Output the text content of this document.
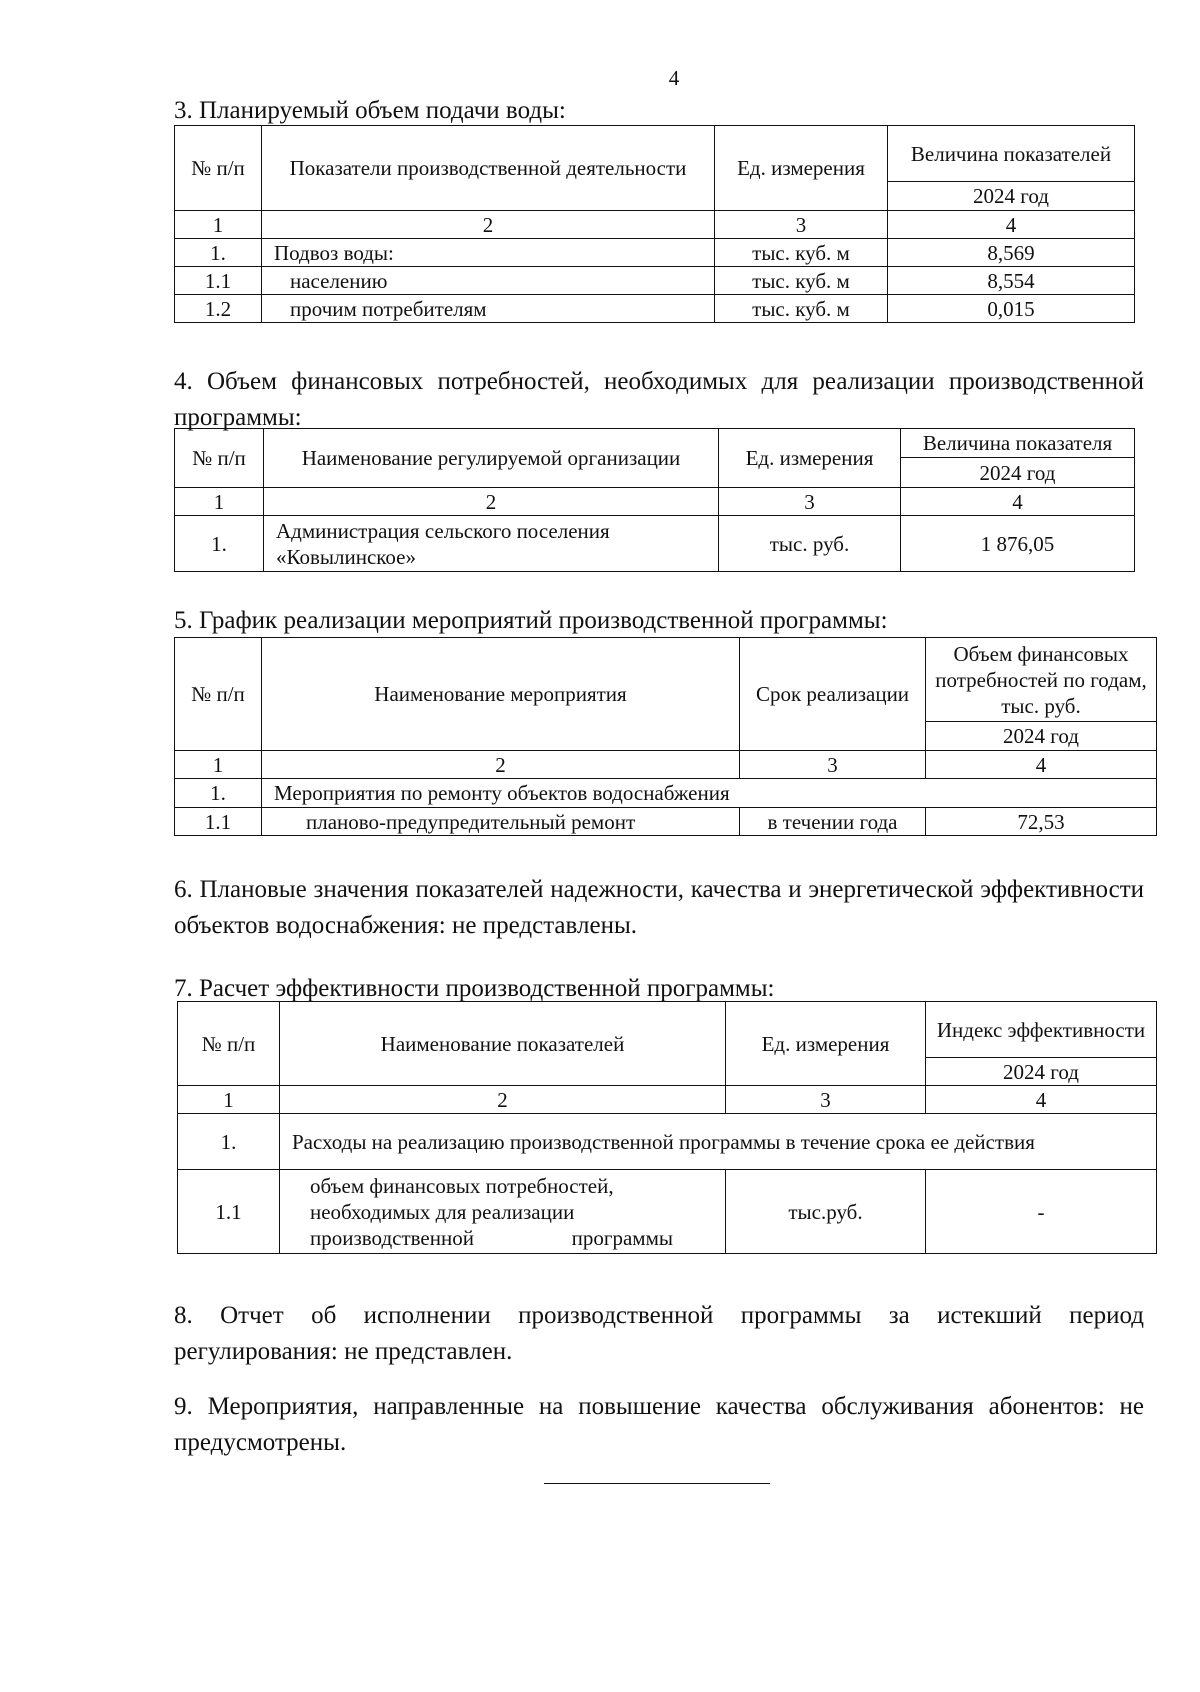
4

3. Планируемый объем подачи воды:

№ п/п	Показатели производственной деятельности	Ед. измерения	Величина показателей
			2024 год
1	2	3	4
1.	Подвоз воды:	тыс. куб. м	8,569
1.1	населению	тыс. куб. м	8,554
1.2	прочим потребителям	тыс. куб. м	0,015

4. Объем финансовых потребностей, необходимых для реализации производственной программы:

№ п/п	Наименование регулируемой организации	Ед. измерения	Величина показателя
			2024 год
1	2	3	4
1.	Администрация сельского поселения «Ковылинское»	тыс. руб.	1 876,05

5. График реализации мероприятий производственной программы:

№ п/п	Наименование мероприятия	Срок реализации	Объем финансовых потребностей по годам, тыс. руб.
			2024 год
1	2	3	4
1.	Мероприятия по ремонту объектов водоснабжения		
1.1	планово-предупредительный ремонт	в течении года	72,53

6. Плановые значения показателей надежности, качества и энергетической эффективности объектов водоснабжения: не представлены.

7. Расчет эффективности производственной программы:

№ п/п	Наименование показателей	Ед. измерения	Индекс эффективности
			2024 год
1	2	3	4
1.	Расходы на реализацию производственной программы в течение срока ее действия		
1.1	объем финансовых потребностей, необходимых для реализации производственной программы	тыс.руб.	-

8. Отчет об исполнении производственной программы за истекший период регулирования: не представлен.

9. Мероприятия, направленные на повышение качества обслуживания абонентов: не предусмотрены.
